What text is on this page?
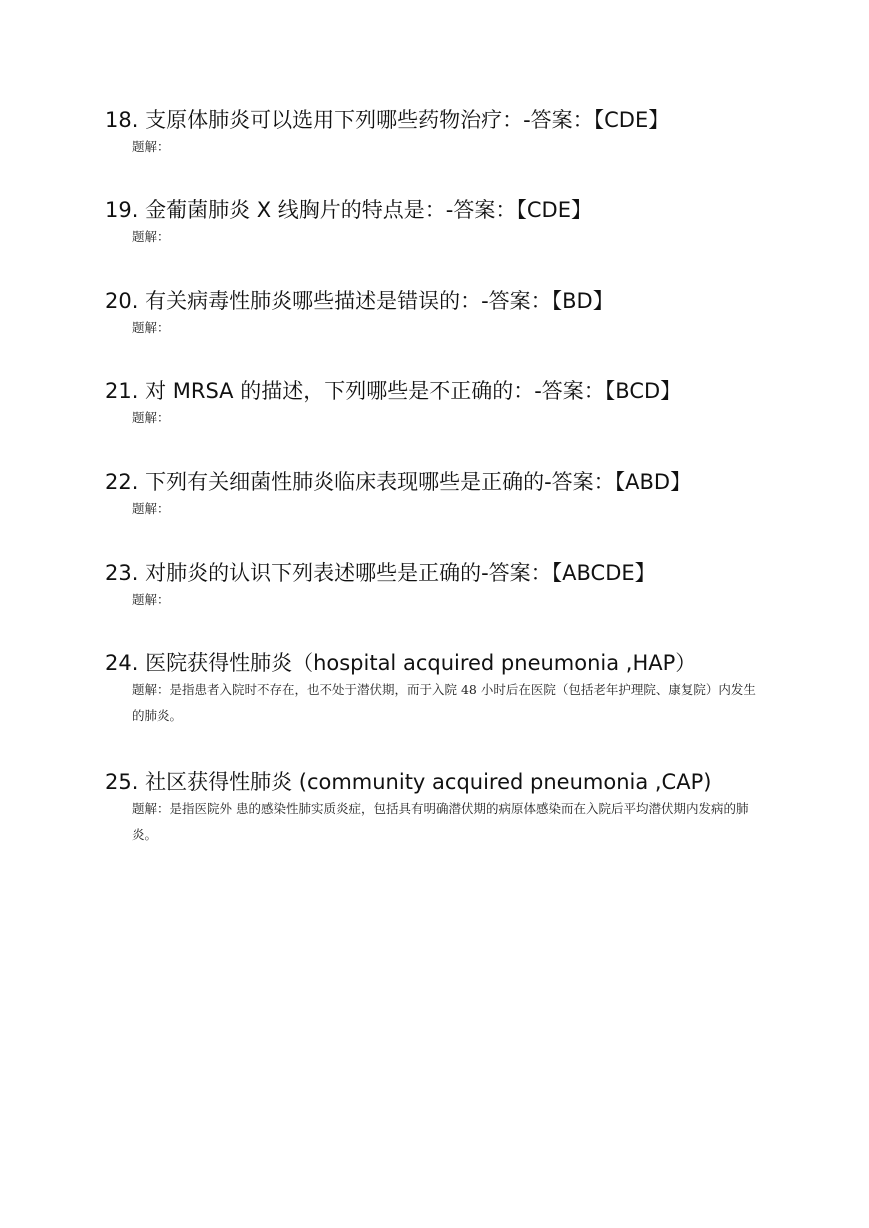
18. 支原体肺炎可以选用下列哪些药物治疗：-答案：【CDE】
题解：
19. 金葡菌肺炎 X 线胸片的特点是：-答案：【CDE】
题解：
20. 有关病毒性肺炎哪些描述是错误的：-答案：【BD】
题解：
21. 对 MRSA 的描述，下列哪些是不正确的：-答案：【BCD】
题解：
22. 下列有关细菌性肺炎临床表现哪些是正确的-答案：【ABD】
题解：
23. 对肺炎的认识下列表述哪些是正确的-答案：【ABCDE】
题解：
24. 医院获得性肺炎（hospital acquired pneumonia ,HAP）
题解：是指患者入院时不存在，也不处于潜伏期，而于入院 48 小时后在医院（包括老年护理院、康复院）内发生的肺炎。
25. 社区获得性肺炎 (community acquired pneumonia ,CAP)
题解：是指医院外 患的感染性肺实质炎症，包括具有明确潜伏期的病原体感染而在入院后平均潜伏期内发病的肺炎。
